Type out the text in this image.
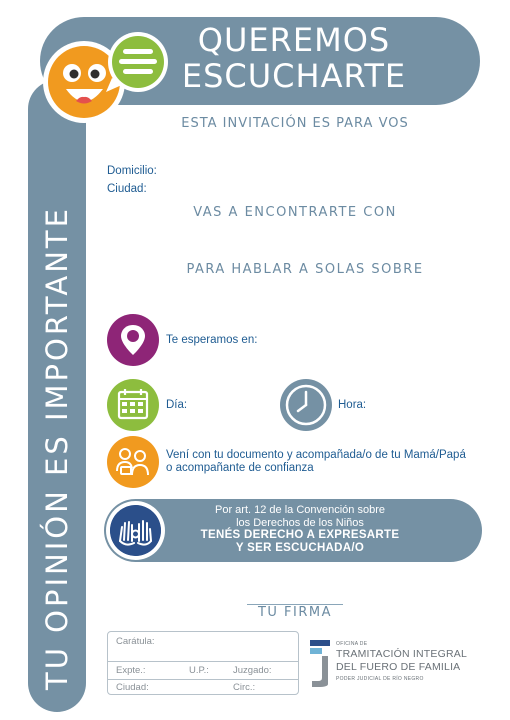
TU OPINIÓN ES IMPORTANTE
QUEREMOS
ESCUCHARTE
ESTA INVITACIÓN ES PARA VOS
Domicilio:
Ciudad:
VAS A ENCONTRARTE CON
PARA HABLAR A SOLAS SOBRE
Te esperamos en:
Día:	Hora:
Vení con tu documento y acompañada/o de tu Mamá/Papá
o acompañante de confianza
Por art. 12 de la Convención sobre
los Derechos de los Niños
TENÉS DERECHO A EXPRESARTE
Y SER ESCUCHADA/O
TU FIRMA
Carátula:
Expte.:	U.P.:	Juzgado:
Ciudad:	Circ.:
OFICINA DE
TRAMITACIÓN INTEGRAL
DEL FUERO DE FAMILIA
PODER JUDICIAL DE RÍO NEGRO
